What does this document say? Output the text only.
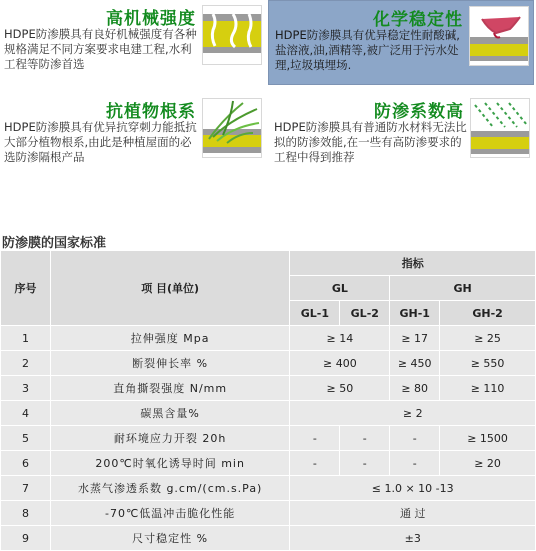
高机械强度
HDPE防渗膜具有良好机械强度有各种规格满足不同方案要求电建工程,水利工程等防渗首选
化学稳定性
HDPE防渗膜具有优异稳定性耐酸碱,盐溶液,油,酒精等,被广泛用于污水处理,垃圾填埋场.
抗植物根系
HDPE防渗膜具有优异抗穿刺力能抵抗大部分植物根系,由此是种植屋面的必选防渗隔根产品
防渗系数高
HDPE防渗膜具有普通防水材料无法比拟的防渗效能,在一些有高防渗要求的工程中得到推荐
防渗膜的国家标准
序号	项 目(单位)	指标			
		GL		GH	
		GL-1	GL-2	GH-1	GH-2
1	拉伸强度 Mpa	≥ 14		≥ 17	≥ 25
2	断裂伸长率 %	≥ 400		≥ 450	≥ 550
3	直角撕裂强度 N/mm	≥ 50		≥ 80	≥ 110
4	碳黑含量%	≥ 2			
5	耐环境应力开裂 20h	-	-	-	≥ 1500
6	200℃时氧化诱导时间 min	-	-	-	≥ 20
7	水蒸气渗透系数 g.cm/(cm.s.Pa)	≤ 1.0 × 10 -13			
8	-70℃低温冲击脆化性能	通 过			
9	尺寸稳定性 %	±3			
